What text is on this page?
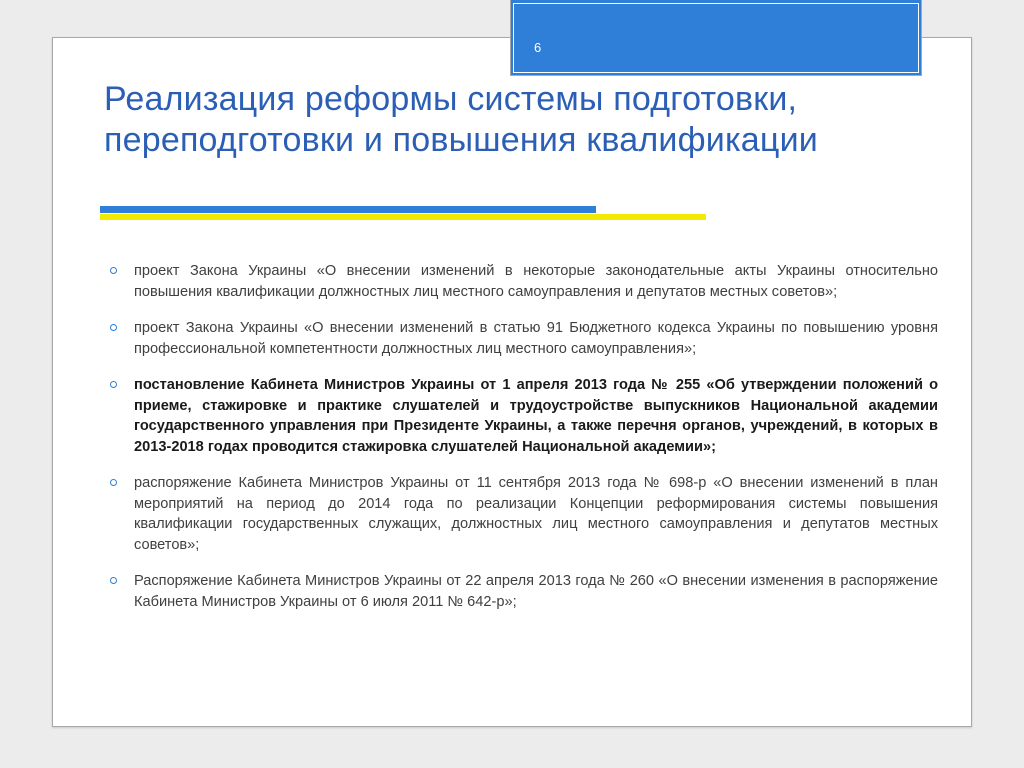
6
Реализация реформы системы подготовки, переподготовки и повышения квалификации
проект Закона Украины «О внесении изменений в некоторые законодательные акты Украины относительно повышения квалификации должностных лиц местного самоуправления и депутатов местных советов»;
проект Закона Украины «О внесении изменений в статью 91 Бюджетного кодекса Украины по повышению уровня профессиональной компетентности должностных лиц местного самоуправления»;
постановление Кабинета Министров Украины от 1 апреля 2013 года № 255 «Об утверждении положений о приеме, стажировке и практике слушателей и трудоустройстве выпускников Национальной академии государственного управления при Президенте Украины, а также перечня органов, учреждений, в которых в 2013-2018 годах проводится стажировка слушателей Национальной академии»;
распоряжение Кабинета Министров Украины от 11 сентября 2013 года № 698-р «О внесении изменений в план мероприятий на период до 2014 года по реализации Концепции реформирования системы повышения квалификации государственных служащих, должностных лиц местного самоуправления и депутатов местных советов»;
Распоряжение Кабинета Министров Украины от 22 апреля 2013 года № 260 «О внесении изменения в распоряжение Кабинета Министров Украины от 6 июля 2011 № 642-р»;
